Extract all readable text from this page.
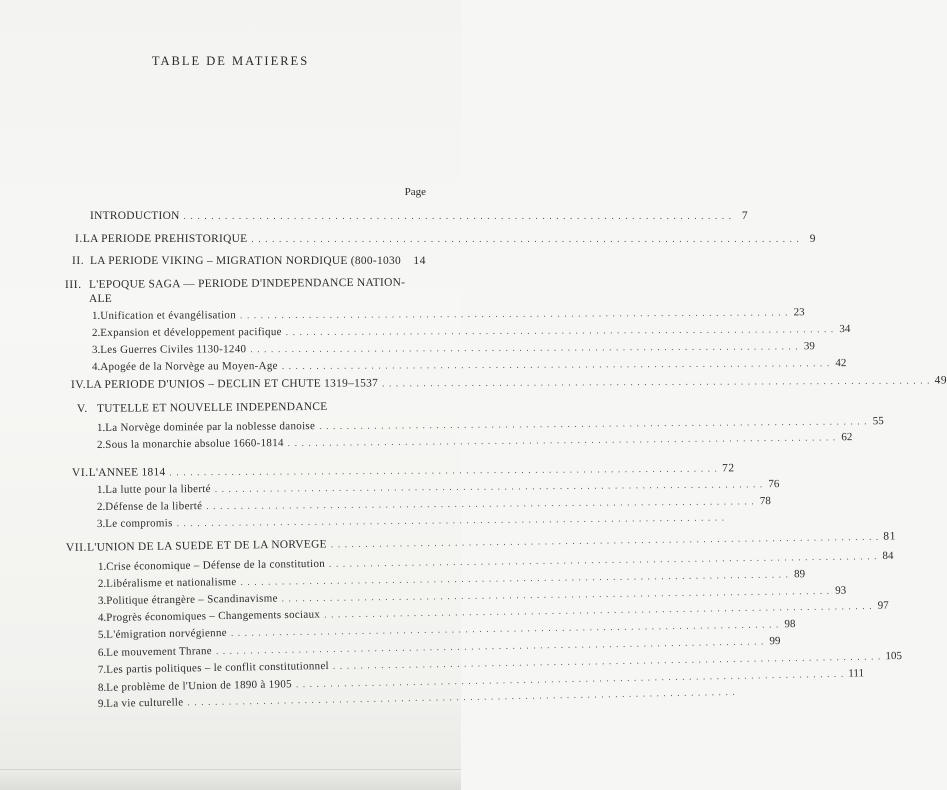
TABLE DE MATIERES
Page
INTRODUCTION . . . . . . . . . . . . . . . . . . . . . . . . . . . . . . . . . . . . . . . . . . . . . . . . . . . . . . . . . . . . . . . . . . . . . . . . . . . . . . . . 7
I. LA PERIODE PREHISTORIQUE . . . . . . . . . . . . . . . . . . . . . . . . . . . . . . . . . . . . . . . . . . . . . . . . . . . . . . . . . . . . . . . . . . . . . . . . . . . . . . . . 9
II. LA PERIODE VIKING – MIGRATION NORDIQUE (800-1030 14
III. L'EPOQUE SAGA — PERIODE D'INDEPENDANCE NATION-
ALE
1. Unification et évangélisation . . . . . . . . . . . . . . . . . . . . . . . . . . . . . . . . . . . . . . . . . . . . . . . . . . . . . . . . . . . . . . . . . . . . . . . . . . . . . . . . 23
2. Expansion et développement pacifique . . . . . . . . . . . . . . . . . . . . . . . . . . . . . . . . . . . . . . . . . . . . . . . . . . . . . . . . . . . . . . . . . . . . . . . . . . . . . . . . 34
3. Les Guerres Civiles 1130-1240 . . . . . . . . . . . . . . . . . . . . . . . . . . . . . . . . . . . . . . . . . . . . . . . . . . . . . . . . . . . . . . . . . . . . . . . . . . . . . . . . 39
4. Apogée de la Norvège au Moyen-Age . . . . . . . . . . . . . . . . . . . . . . . . . . . . . . . . . . . . . . . . . . . . . . . . . . . . . . . . . . . . . . . . . . . . . . . . . . . . . . . . 42
IV. LA PERIODE D'UNIOS – DECLIN ET CHUTE 1319–1537 . . . . . . . . . . . . . . . . . . . . . . . . . . . . . . . . . . . . . . . . . . . . . . . . . . . . . . . . . . . . . . . . . . . . . . . . . . . . . . . . 49
V. TUTELLE ET NOUVELLE INDEPENDANCE
1. La Norvège dominée par la noblesse danoise . . . . . . . . . . . . . . . . . . . . . . . . . . . . . . . . . . . . . . . . . . . . . . . . . . . . . . . . . . . . . . . . . . . . . . . . . . . . . . . . 55
2. Sous la monarchie absolue 1660-1814 . . . . . . . . . . . . . . . . . . . . . . . . . . . . . . . . . . . . . . . . . . . . . . . . . . . . . . . . . . . . . . . . . . . . . . . . . . . . . . . . 62
VI. L'ANNEE 1814 . . . . . . . . . . . . . . . . . . . . . . . . . . . . . . . . . . . . . . . . . . . . . . . . . . . . . . . . . . . . . . . . . . . . . . . . . . . . . . . . 72
1. La lutte pour la liberté . . . . . . . . . . . . . . . . . . . . . . . . . . . . . . . . . . . . . . . . . . . . . . . . . . . . . . . . . . . . . . . . . . . . . . . . . . . . . . . . 76
2. Défense de la liberté . . . . . . . . . . . . . . . . . . . . . . . . . . . . . . . . . . . . . . . . . . . . . . . . . . . . . . . . . . . . . . . . . . . . . . . . . . . . . . . . 78
3. Le compromis . . . . . . . . . . . . . . . . . . . . . . . . . . . . . . . . . . . . . . . . . . . . . . . . . . . . . . . . . . . . . . . . . . . . . . . . . . . . . . . .
VII. L'UNION DE LA SUEDE ET DE LA NORVEGE . . . . . . . . . . . . . . . . . . . . . . . . . . . . . . . . . . . . . . . . . . . . . . . . . . . . . . . . . . . . . . . . . . . . . . . . . . . . . . . . 81
1. Crise économique – Défense de la constitution . . . . . . . . . . . . . . . . . . . . . . . . . . . . . . . . . . . . . . . . . . . . . . . . . . . . . . . . . . . . . . . . . . . . . . . . . . . . . . . . 84
2. Libéralisme et nationalisme . . . . . . . . . . . . . . . . . . . . . . . . . . . . . . . . . . . . . . . . . . . . . . . . . . . . . . . . . . . . . . . . . . . . . . . . . . . . . . . . 89
3. Politique étrangère – Scandinavisme . . . . . . . . . . . . . . . . . . . . . . . . . . . . . . . . . . . . . . . . . . . . . . . . . . . . . . . . . . . . . . . . . . . . . . . . . . . . . . . . 93
4. Progrès économiques – Changements sociaux . . . . . . . . . . . . . . . . . . . . . . . . . . . . . . . . . . . . . . . . . . . . . . . . . . . . . . . . . . . . . . . . . . . . . . . . . . . . . . . . 97
5. L'émigration norvégienne . . . . . . . . . . . . . . . . . . . . . . . . . . . . . . . . . . . . . . . . . . . . . . . . . . . . . . . . . . . . . . . . . . . . . . . . . . . . . . . . 98
6. Le mouvement Thrane . . . . . . . . . . . . . . . . . . . . . . . . . . . . . . . . . . . . . . . . . . . . . . . . . . . . . . . . . . . . . . . . . . . . . . . . . . . . . . . . 99
7. Les partis politiques – le conflit constitutionnel . . . . . . . . . . . . . . . . . . . . . . . . . . . . . . . . . . . . . . . . . . . . . . . . . . . . . . . . . . . . . . . . . . . . . . . . . . . . . . . . 105
8. Le problème de l'Union de 1890 à 1905 . . . . . . . . . . . . . . . . . . . . . . . . . . . . . . . . . . . . . . . . . . . . . . . . . . . . . . . . . . . . . . . . . . . . . . . . . . . . . . . . 111
9. La vie culturelle . . . . . . . . . . . . . . . . . . . . . . . . . . . . . . . . . . . . . . . . . . . . . . . . . . . . . . . . . . . . . . . . . . . . . . . . . . . . . . . .
